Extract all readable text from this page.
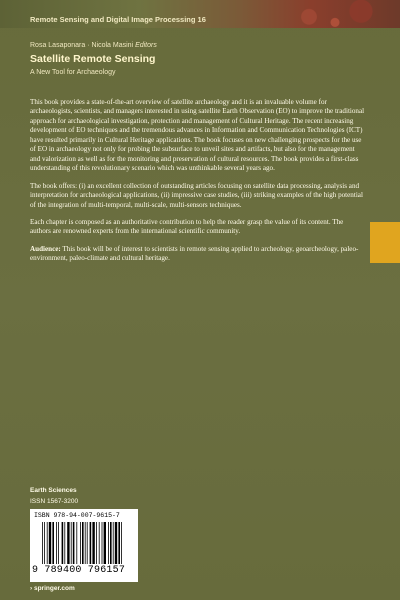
Remote Sensing and Digital Image Processing 16
Rosa Lasaponara · Nicola Masini Editors
Satellite Remote Sensing
A New Tool for Archaeology

This book provides a state-of-the-art overview of satellite archaeology and it is an invaluable volume for archaeologists, scientists, and managers interested in using satellite Earth Observation (EO) to improve the traditional approach for archaeological investigation, protection and management of Cultural Heritage. The recent increasing development of EO techniques and the tremendous advances in Information and Communication Technologies (ICT) have resulted primarily in Cultural Heritage applications. The book focuses on new challenging prospects for the use of EO in archaeology not only for probing the subsurface to unveil sites and artifacts, but also for the management and valorization as well as for the monitoring and preservation of cultural resources. The book provides a first-class understanding of this revolutionary scenario which was unthinkable several years ago.

The book offers: (i) an excellent collection of outstanding articles focusing on satellite data processing, analysis and interpretation for archaeological applications, (ii) impressive case studies, (iii) striking examples of the high potential of the integration of multi-temporal, multi-scale, multi-sensors techniques.

Each chapter is composed as an authoritative contribution to help the reader grasp the value of its content. The authors are renowned experts from the international scientific community.

Audience: This book will be of interest to scientists in remote sensing applied to archeology, geoarcheology, paleo-environment, paleo-climate and cultural heritage.

Earth Sciences
ISSN 1567-3200
ISBN 978-94-007-9615-7
9 789400 796157
› springer.com
